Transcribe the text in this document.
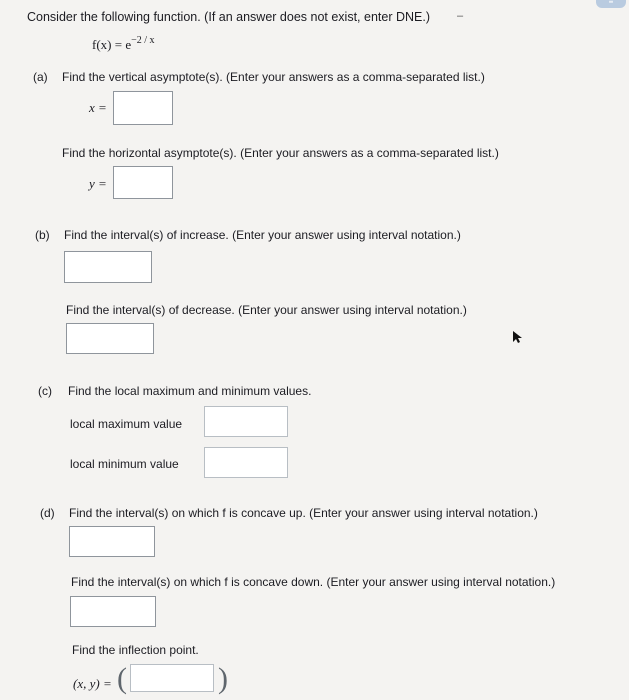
≡
Consider the following function. (If an answer does not exist, enter DNE.) –
$f(x) = e^{-2 / x}$
(a) Find the vertical asymptote(s). (Enter your answers as a comma-separated list.)
x =
Find the horizontal asymptote(s). (Enter your answers as a comma-separated list.)
y =
(b) Find the interval(s) of increase. (Enter your answer using interval notation.)
Find the interval(s) of decrease. (Enter your answer using interval notation.)
(c) Find the local maximum and minimum values.
local maximum value
local minimum value
(d) Find the interval(s) on which f is concave up. (Enter your answer using interval notation.)
Find the interval(s) on which f is concave down. (Enter your answer using interval notation.)
Find the inflection point.
(x, y) = (	)
